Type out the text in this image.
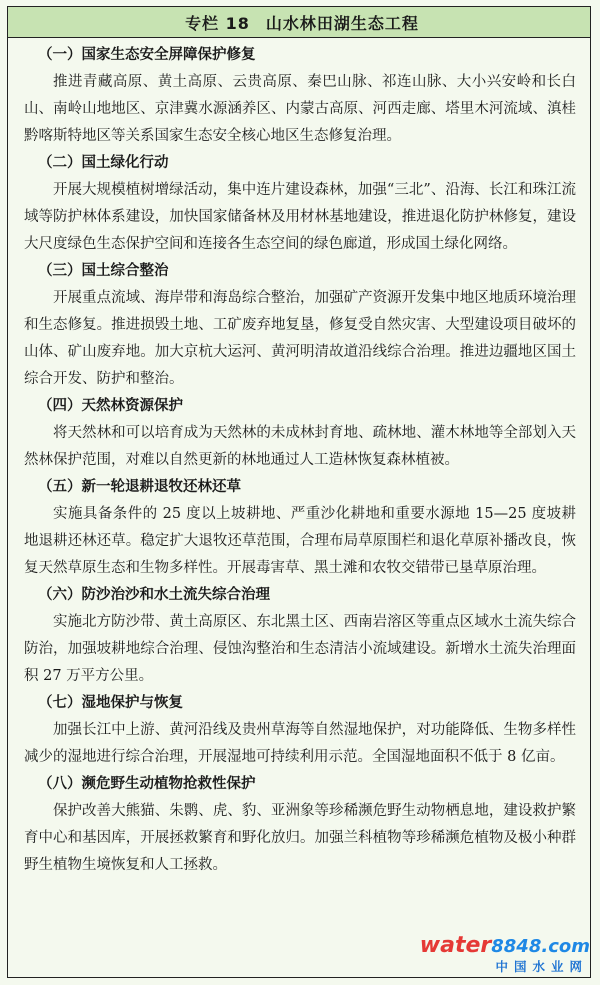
专栏 18 山水林田湖生态工程

（一）国家生态安全屏障保护修复

推进青藏高原、黄土高原、云贵高原、秦巴山脉、祁连山脉、大小兴安岭和长白山、南岭山地地区、京津冀水源涵养区、内蒙古高原、河西走廊、塔里木河流域、滇桂黔喀斯特地区等关系国家生态安全核心地区生态修复治理。

（二）国土绿化行动

开展大规模植树增绿活动，集中连片建设森林，加强“三北”、沿海、长江和珠江流域等防护林体系建设，加快国家储备林及用材林基地建设，推进退化防护林修复，建设大尺度绿色生态保护空间和连接各生态空间的绿色廊道，形成国土绿化网络。

（三）国土综合整治

开展重点流域、海岸带和海岛综合整治，加强矿产资源开发集中地区地质环境治理和生态修复。推进损毁土地、工矿废弃地复垦，修复受自然灾害、大型建设项目破坏的山体、矿山废弃地。加大京杭大运河、黄河明清故道沿线综合治理。推进边疆地区国土综合开发、防护和整治。

（四）天然林资源保护

将天然林和可以培育成为天然林的未成林封育地、疏林地、灌木林地等全部划入天然林保护范围，对难以自然更新的林地通过人工造林恢复森林植被。

（五）新一轮退耕退牧还林还草

实施具备条件的 25 度以上坡耕地、严重沙化耕地和重要水源地 15—25 度坡耕地退耕还林还草。稳定扩大退牧还草范围，合理布局草原围栏和退化草原补播改良，恢复天然草原生态和生物多样性。开展毒害草、黑土滩和农牧交错带已垦草原治理。

（六）防沙治沙和水土流失综合治理

实施北方防沙带、黄土高原区、东北黑土区、西南岩溶区等重点区域水土流失综合防治，加强坡耕地综合治理、侵蚀沟整治和生态清洁小流域建设。新增水土流失治理面积 27 万平方公里。

（七）湿地保护与恢复

加强长江中上游、黄河沿线及贵州草海等自然湿地保护，对功能降低、生物多样性减少的湿地进行综合治理，开展湿地可持续利用示范。全国湿地面积不低于 8 亿亩。

（八）濒危野生动植物抢救性保护

保护改善大熊猫、朱鹮、虎、豹、亚洲象等珍稀濒危野生动物栖息地，建设救护繁育中心和基因库，开展拯救繁育和野化放归。加强兰科植物等珍稀濒危植物及极小种群野生植物生境恢复和人工拯救。

water8848.com
中国水业网
